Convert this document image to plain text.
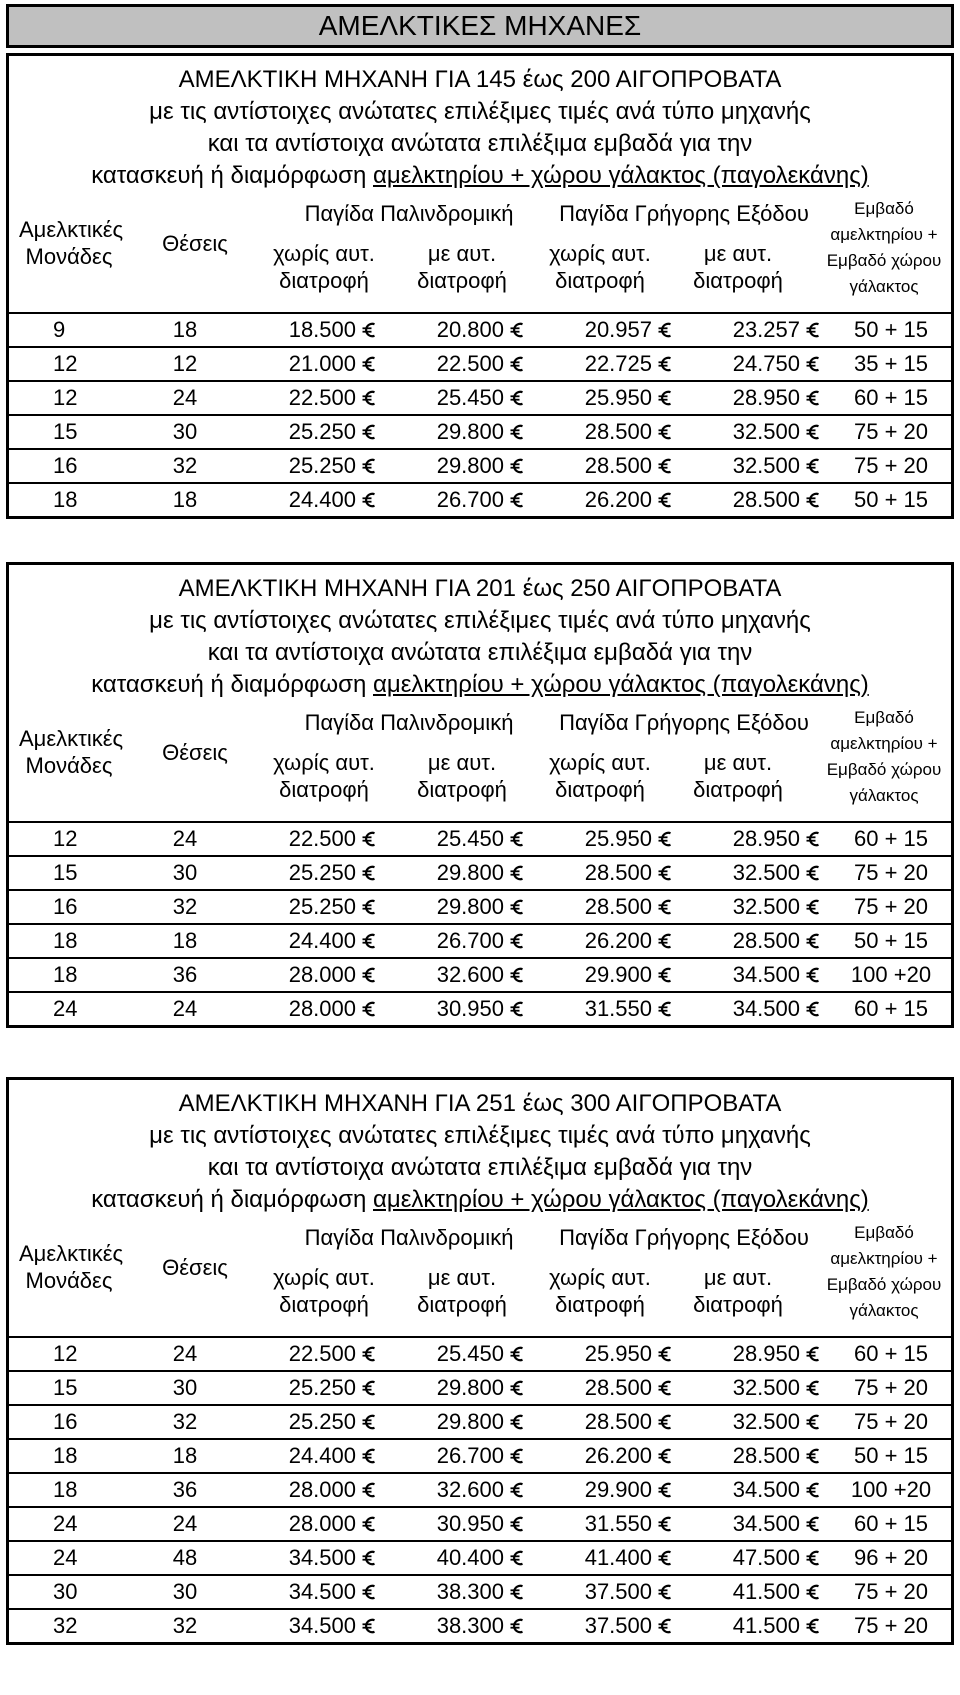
ΑΜΕΛΚΤΙΚΕΣ ΜΗΧΑΝΕΣ
ΑΜΕΛΚΤΙΚΗ ΜΗΧΑΝΗ ΓΙΑ 145 έως 200 ΑΙΓΟΠΡΟΒΑΤΑ
με τις αντίστοιχες ανώτατες επιλέξιμες τιμές ανά τύπο μηχανής
και τα αντίστοιχα ανώτατα επιλέξιμα εμβαδά για την
κατασκευή ή διαμόρφωση αμελκτηρίου + χώρου γάλακτος (παγολεκάνης)
Αμελκτικές
Μονάδες
Θέσεις
Παγίδα Παλινδρομική	Παγίδα Γρήγορης Εξόδου
χωρίς αυτ.
διατροφή
με αυτ.
διατροφή
χωρίς αυτ.
διατροφή
με αυτ.
διατροφή
Εμβαδό
αμελκτηρίου +
Εμβαδό χώρου
γάλακτος
9	18	18.500	20.800	20.957	23.257	50 + 15
12	12	21.000	22.500	22.725	24.750	35 + 15
12	24	22.500	25.450	25.950	28.950	60 + 15
15	30	25.250	29.800	28.500	32.500	75 + 20
16	32	25.250	29.800	28.500	32.500	75 + 20
18	18	24.400	26.700	26.200	28.500	50 + 15
ΑΜΕΛΚΤΙΚΗ ΜΗΧΑΝΗ ΓΙΑ 201 έως 250 ΑΙΓΟΠΡΟΒΑΤΑ
με τις αντίστοιχες ανώτατες επιλέξιμες τιμές ανά τύπο μηχανής
και τα αντίστοιχα ανώτατα επιλέξιμα εμβαδά για την
κατασκευή ή διαμόρφωση αμελκτηρίου + χώρου γάλακτος (παγολεκάνης)
Αμελκτικές
Μονάδες
Θέσεις
Παγίδα Παλινδρομική	Παγίδα Γρήγορης Εξόδου
χωρίς αυτ.
διατροφή
με αυτ.
διατροφή
χωρίς αυτ.
διατροφή
με αυτ.
διατροφή
Εμβαδό
αμελκτηρίου +
Εμβαδό χώρου
γάλακτος
12	24	22.500	25.450	25.950	28.950	60 + 15
15	30	25.250	29.800	28.500	32.500	75 + 20
16	32	25.250	29.800	28.500	32.500	75 + 20
18	18	24.400	26.700	26.200	28.500	50 + 15
18	36	28.000	32.600	29.900	34.500	100 +20
24	24	28.000	30.950	31.550	34.500	60 + 15
ΑΜΕΛΚΤΙΚΗ ΜΗΧΑΝΗ ΓΙΑ 251 έως 300 ΑΙΓΟΠΡΟΒΑΤΑ
με τις αντίστοιχες ανώτατες επιλέξιμες τιμές ανά τύπο μηχανής
και τα αντίστοιχα ανώτατα επιλέξιμα εμβαδά για την
κατασκευή ή διαμόρφωση αμελκτηρίου + χώρου γάλακτος (παγολεκάνης)
Αμελκτικές
Μονάδες
Θέσεις
Παγίδα Παλινδρομική	Παγίδα Γρήγορης Εξόδου
χωρίς αυτ.
διατροφή
με αυτ.
διατροφή
χωρίς αυτ.
διατροφή
με αυτ.
διατροφή
Εμβαδό
αμελκτηρίου +
Εμβαδό χώρου
γάλακτος
12	24	22.500	25.450	25.950	28.950	60 + 15
15	30	25.250	29.800	28.500	32.500	75 + 20
16	32	25.250	29.800	28.500	32.500	75 + 20
18	18	24.400	26.700	26.200	28.500	50 + 15
18	36	28.000	32.600	29.900	34.500	100 +20
24	24	28.000	30.950	31.550	34.500	60 + 15
24	48	34.500	40.400	41.400	47.500	96 + 20
30	30	34.500	38.300	37.500	41.500	75 + 20
32	32	34.500	38.300	37.500	41.500	75 + 20
